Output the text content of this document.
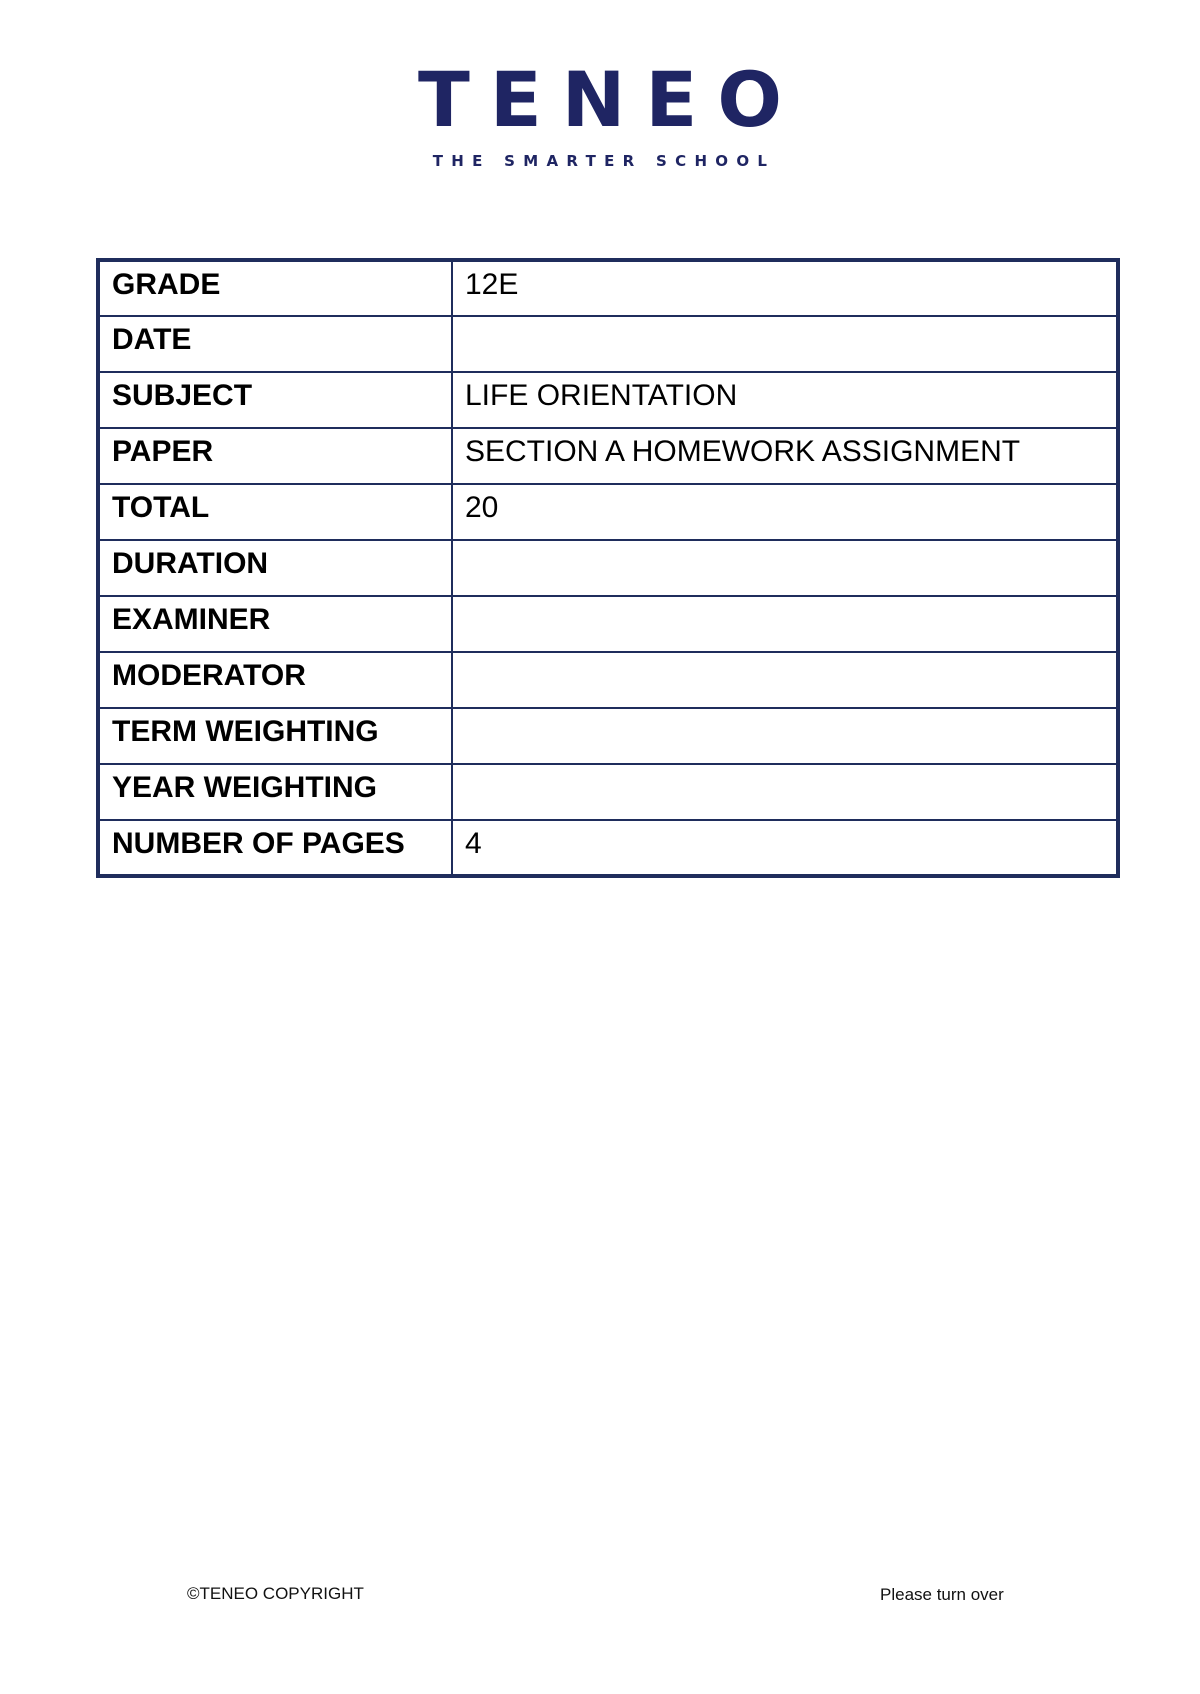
TENEO
THE SMARTER SCHOOL
GRADE	12E

DATE	

SUBJECT	LIFE ORIENTATION

PAPER	SECTION A HOMEWORK ASSIGNMENT

TOTAL	20

DURATION	

EXAMINER	

MODERATOR	

TERM WEIGHTING	

YEAR WEIGHTING	

NUMBER OF PAGES	4
©TENEO COPYRIGHT	Please turn over
